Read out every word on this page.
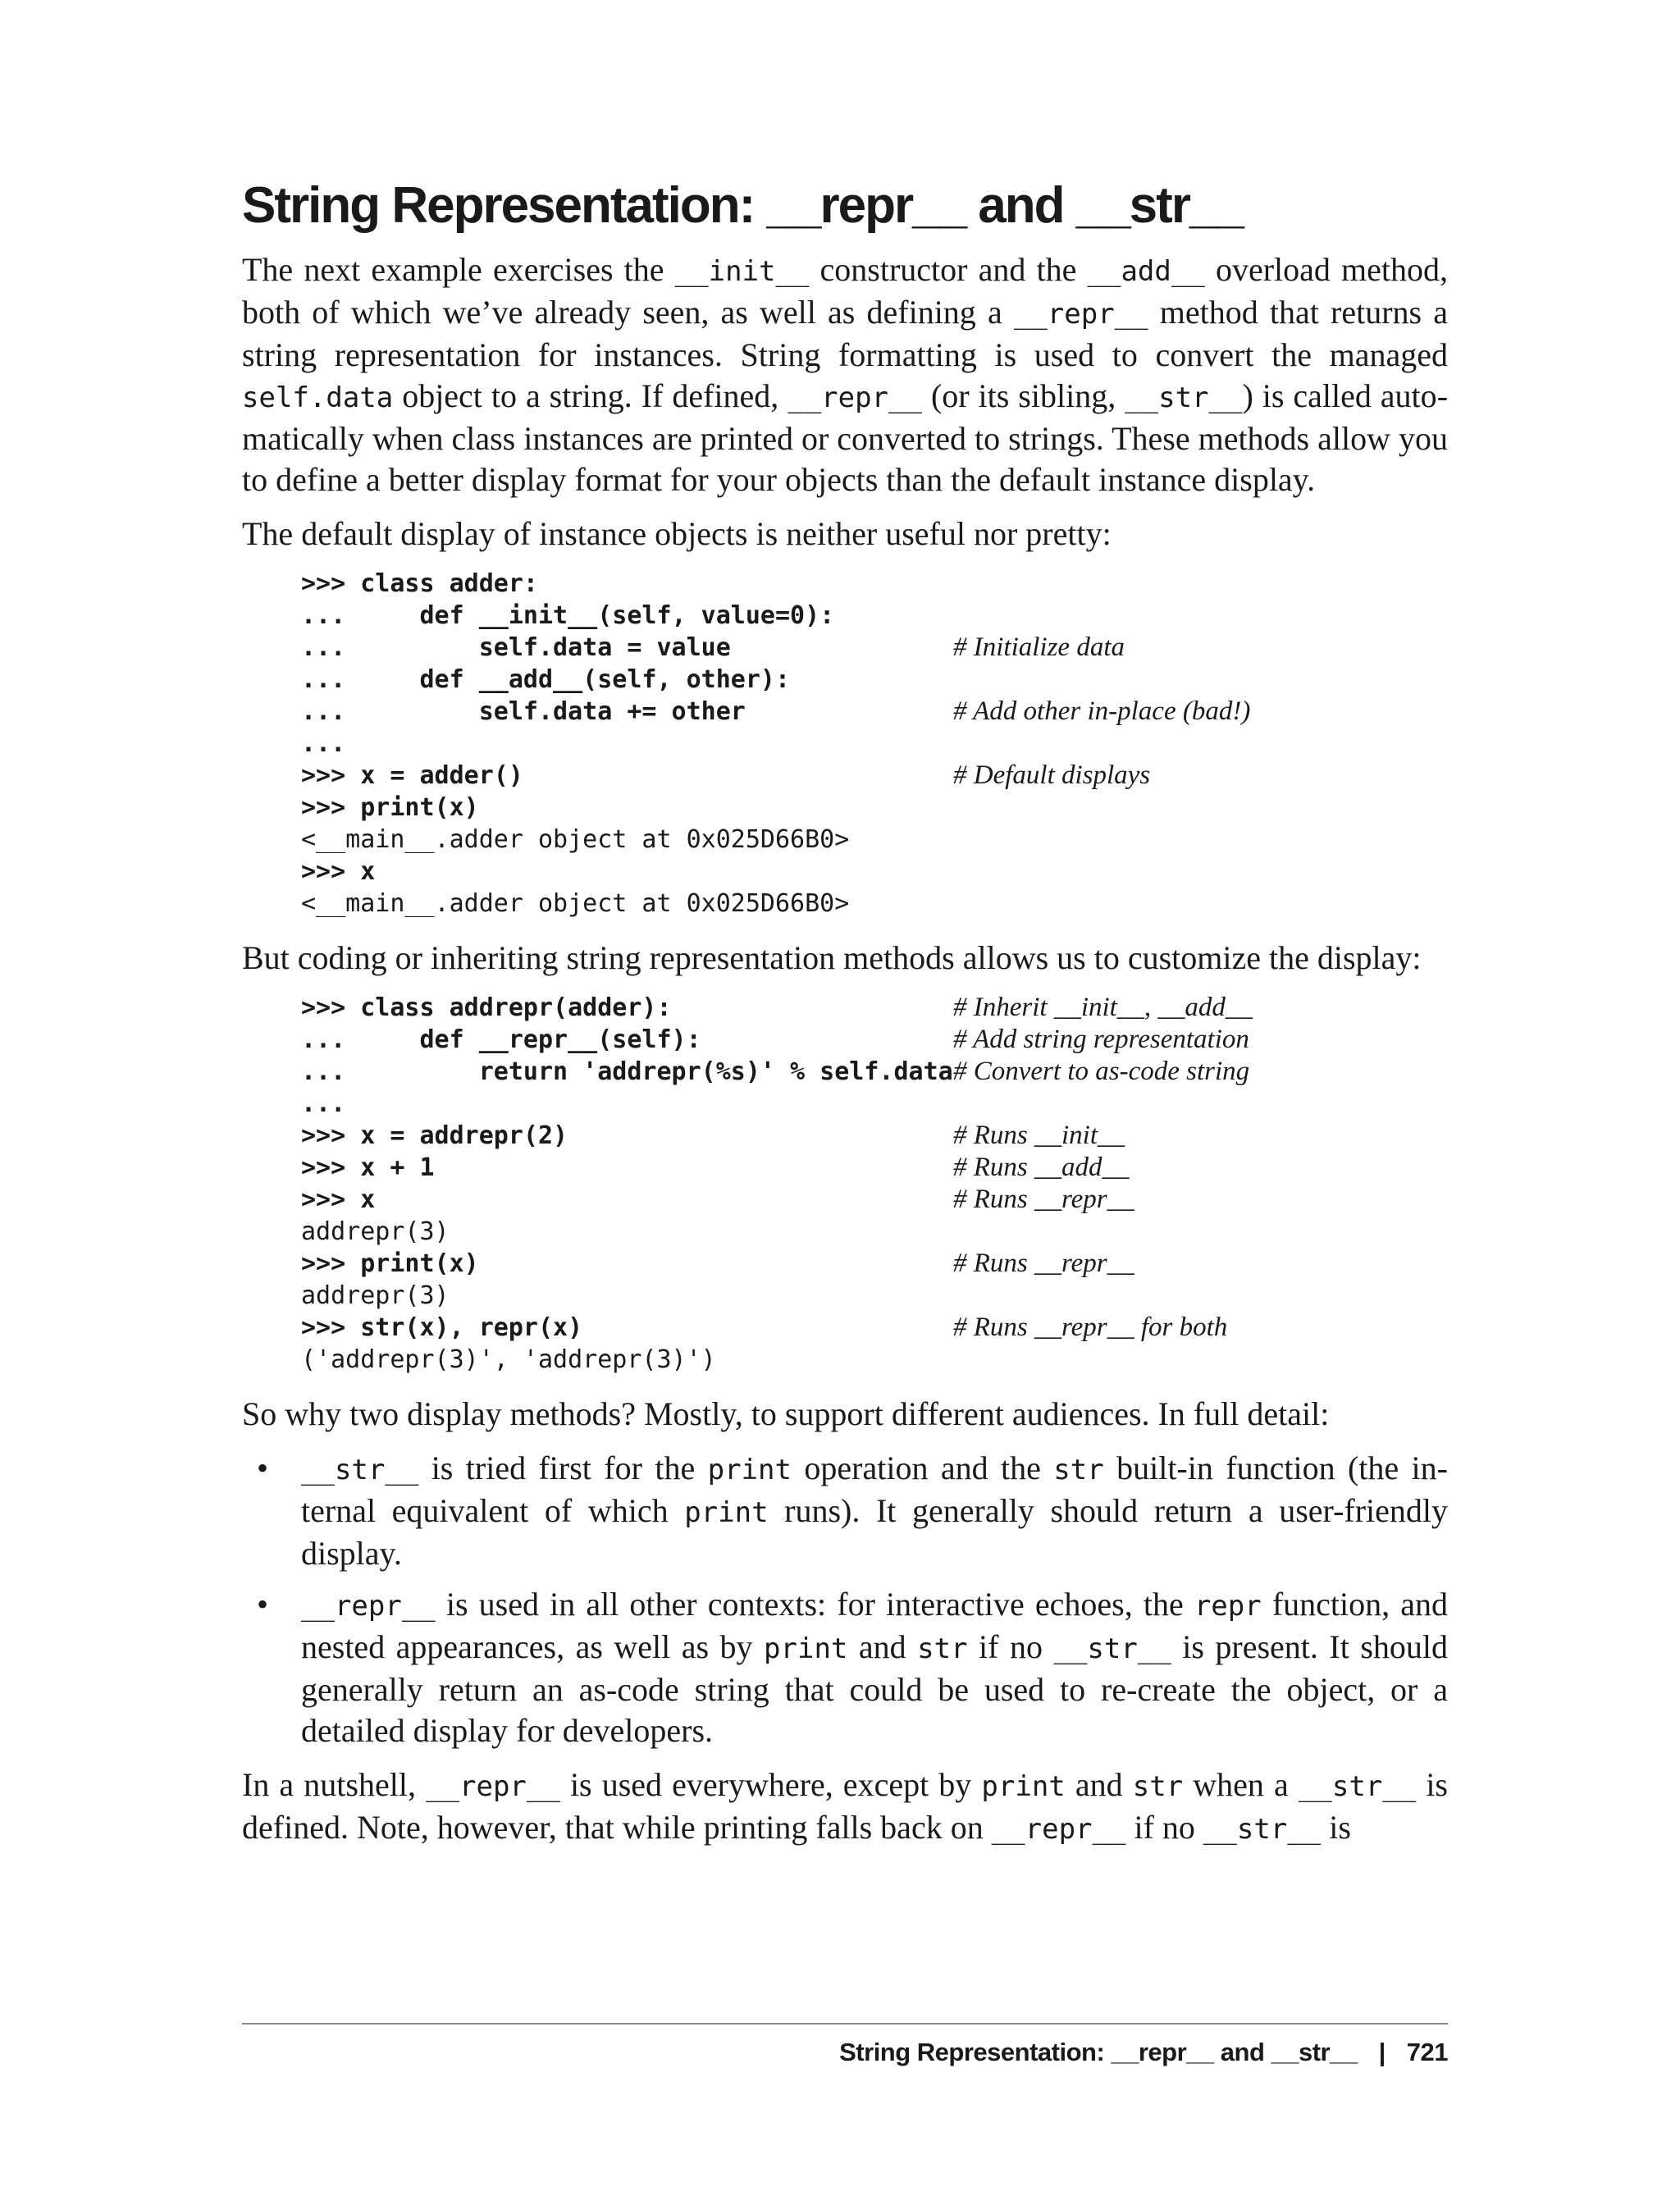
String Representation: __repr__ and __str__

The next example exercises the __init__ constructor and the __add__ overload method, both of which we’ve already seen, as well as defining a __repr__ method that returns a string representation for instances. String formatting is used to convert the managed self.data object to a string. If defined, __repr__ (or its sibling, __str__) is called automatically when class instances are printed or converted to strings. These methods allow you to define a better display format for your objects than the default instance display.

The default display of instance objects is neither useful nor pretty:

>>> class adder:
...     def __init__(self, value=0):
...         self.data = value	# Initialize data
...     def __add__(self, other):
...         self.data += other	# Add other in-place (bad!)
...
>>> x = adder()	# Default displays
>>> print(x)
<__main__.adder object at 0x025D66B0>
>>> x
<__main__.adder object at 0x025D66B0>

But coding or inheriting string representation methods allows us to customize the display:

>>> class addrepr(adder):	# Inherit __init__, __add__
...     def __repr__(self):	# Add string representation
...         return 'addrepr(%s)' % self.data # Convert to as-code string
...
>>> x = addrepr(2)	# Runs __init__
>>> x + 1	# Runs __add__
>>> x	# Runs __repr__
addrepr(3)
>>> print(x)	# Runs __repr__
addrepr(3)
>>> str(x), repr(x)	# Runs __repr__ for both
('addrepr(3)', 'addrepr(3)')

So why two display methods? Mostly, to support different audiences. In full detail:

• __str__ is tried first for the print operation and the str built-in function (the internal equivalent of which print runs). It generally should return a user-friendly display.
• __repr__ is used in all other contexts: for interactive echoes, the repr function, and nested appearances, as well as by print and str if no __str__ is present. It should generally return an as-code string that could be used to re-create the object, or a detailed display for developers.

In a nutshell, __repr__ is used everywhere, except by print and str when a __str__ is defined. Note, however, that while printing falls back on __repr__ if no __str__ is

String Representation: __repr__ and __str__ | 721
